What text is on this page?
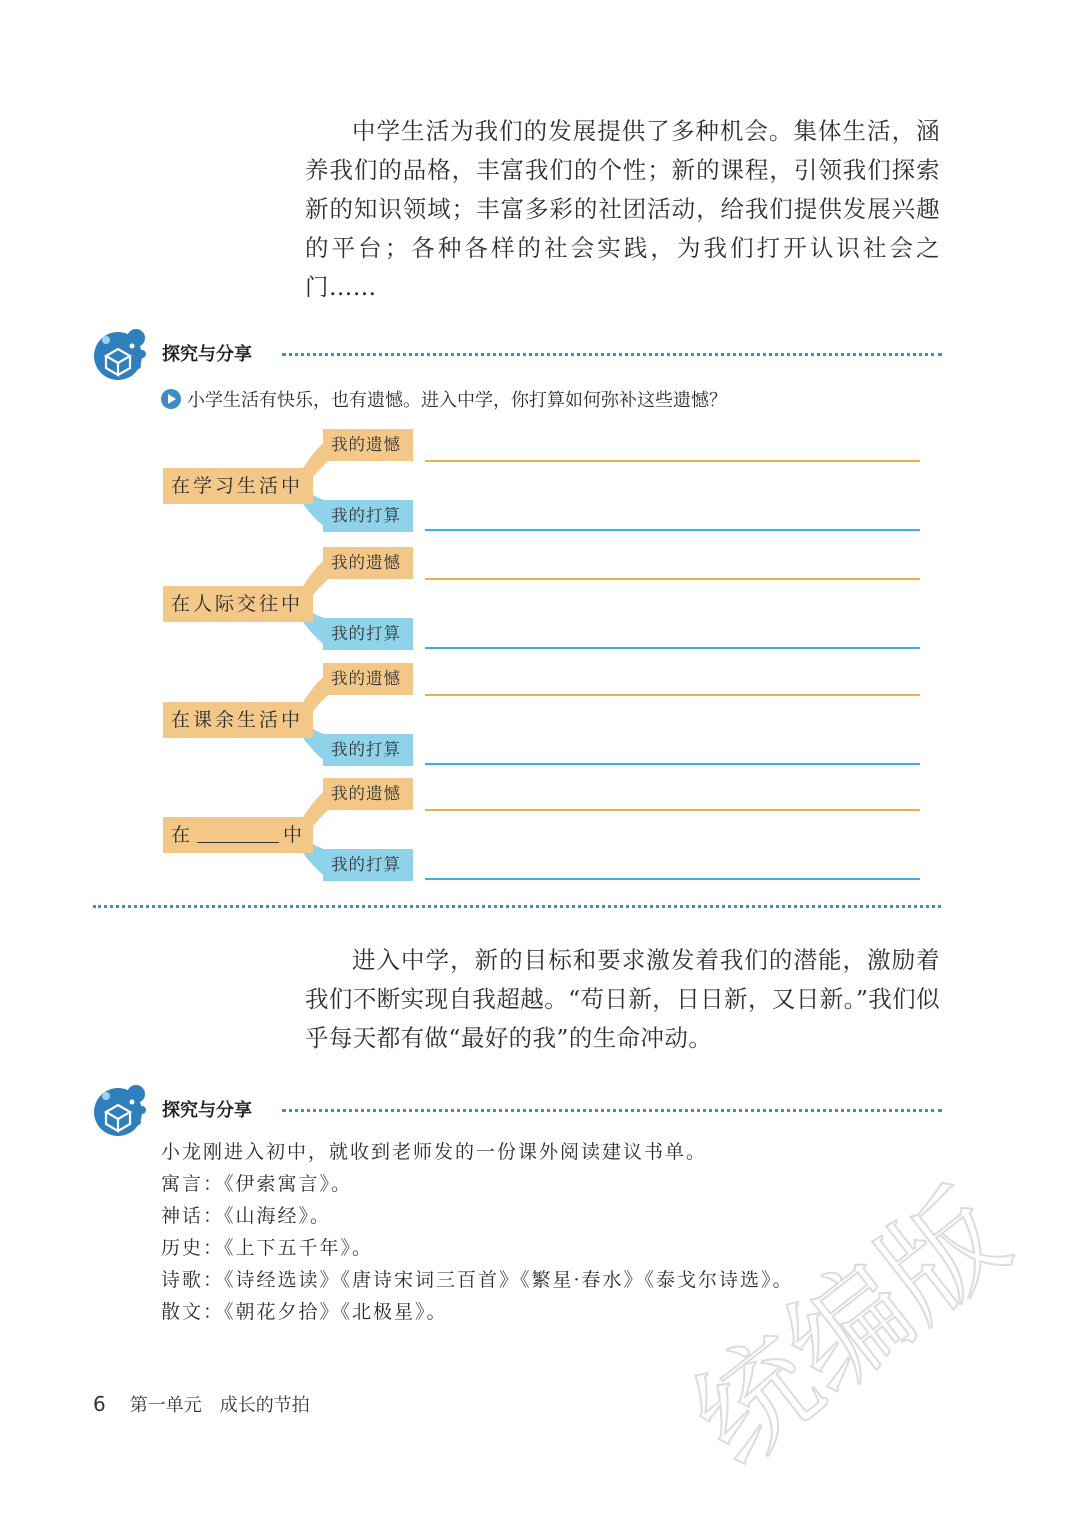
中学生活为我们的发展提供了多种机会。集体生活，涵养我们的品格，丰富我们的个性；新的课程，引领我们探索新的知识领域；丰富多彩的社团活动，给我们提供发展兴趣的平台；各种各样的社会实践，为我们打开认识社会之门……

探究与分享
小学生活有快乐，也有遗憾。进入中学，你打算如何弥补这些遗憾？
在学习生活中
我的遗憾
我的打算
在人际交往中
我的遗憾
我的打算
在课余生活中
我的遗憾
我的打算
在	中
我的遗憾
我的打算

进入中学，新的目标和要求激发着我们的潜能，激励着我们不断实现自我超越。“苟日新，日日新，又日新。”我们似乎每天都有做“最好的我”的生命冲动。

探究与分享
小龙刚进入初中，就收到老师发的一份课外阅读建议书单。
寓言：《伊索寓言》。
神话：《山海经》。
历史：《上下五千年》。
诗歌：《诗经选读》《唐诗宋词三百首》《繁星·春水》《泰戈尔诗选》。
散文：《朝花夕拾》《北极星》。	统编版
6 第一单元 成长的节拍
